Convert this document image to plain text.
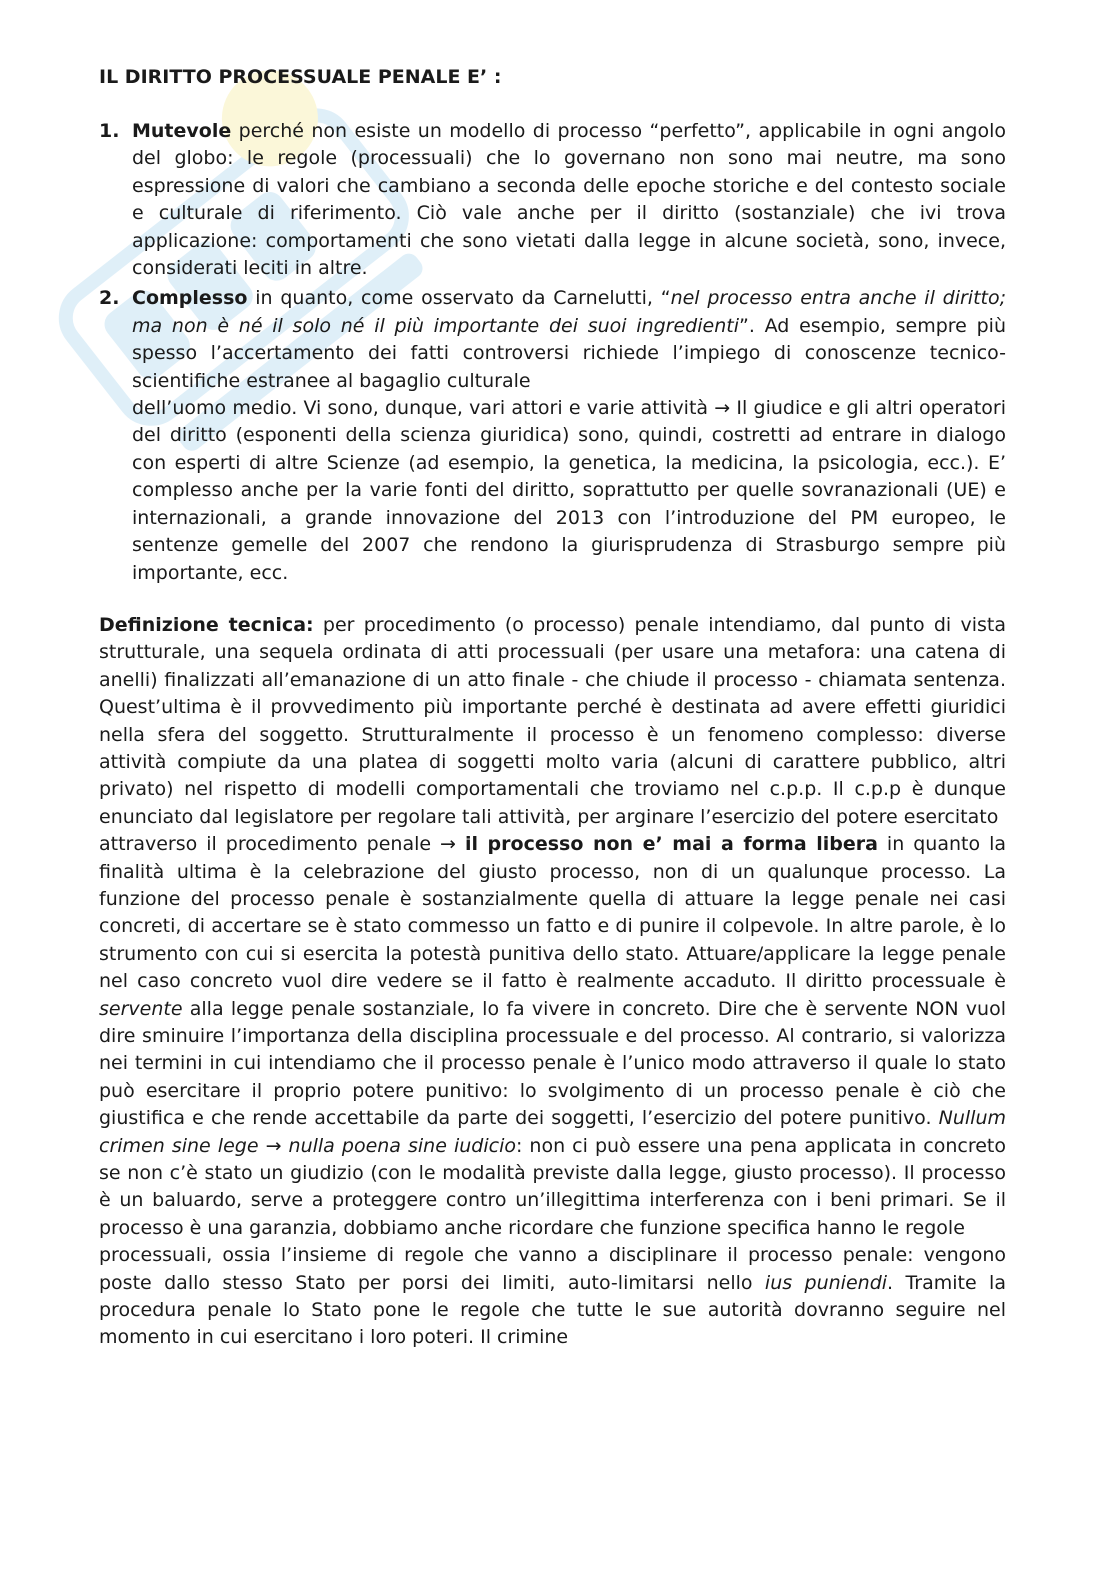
IL DIRITTO PROCESSUALE PENALE E’ :
1. Mutevole perché non esiste un modello di processo “perfetto”, applicabile in ogni angolo del globo: le regole (processuali) che lo governano non sono mai neutre, ma sono espressione di valori che cambiano a seconda delle epoche storiche e del contesto sociale e culturale di riferimento. Ciò vale anche per il diritto (sostanziale) che ivi trova applicazione: comportamenti che sono vietati dalla legge in alcune società, sono, invece, considerati leciti in altre.
2. Complesso in quanto, come osservato da Carnelutti, “nel processo entra anche il diritto; ma non è né il solo né il più importante dei suoi ingredienti”. Ad esempio, sempre più spesso l’accertamento dei fatti controversi richiede l’impiego di conoscenze tecnico-scientifiche estranee al bagaglio culturale
dell’uomo medio. Vi sono, dunque, vari attori e varie attività → Il giudice e gli altri operatori del diritto (esponenti della scienza giuridica) sono, quindi, costretti ad entrare in dialogo con esperti di altre Scienze (ad esempio, la genetica, la medicina, la psicologia, ecc.). E’ complesso anche per la varie fonti del diritto, soprattutto per quelle sovranazionali (UE) e internazionali, a grande innovazione del 2013 con l’introduzione del PM europeo, le sentenze gemelle del 2007 che rendono la giurisprudenza di Strasburgo sempre più importante, ecc.
Definizione tecnica: per procedimento (o processo) penale intendiamo, dal punto di vista strutturale, una sequela ordinata di atti processuali (per usare una metafora: una catena di anelli) finalizzati all’emanazione di un atto finale - che chiude il processo - chiamata sentenza. Quest’ultima è il provvedimento più importante perché è destinata ad avere effetti giuridici nella sfera del soggetto. Strutturalmente il processo è un fenomeno complesso: diverse attività compiute da una platea di soggetti molto varia (alcuni di carattere pubblico, altri privato) nel rispetto di modelli comportamentali che troviamo nel c.p.p. Il c.p.p è dunque enunciato dal legislatore per regolare tali attività, per arginare l’esercizio del potere esercitato
attraverso il procedimento penale → il processo non e’ mai a forma libera in quanto la finalità ultima è la celebrazione del giusto processo, non di un qualunque processo. La funzione del processo penale è sostanzialmente quella di attuare la legge penale nei casi concreti, di accertare se è stato commesso un fatto e di punire il colpevole. In altre parole, è lo strumento con cui si esercita la potestà punitiva dello stato. Attuare/applicare la legge penale nel caso concreto vuol dire vedere se il fatto è realmente accaduto. Il diritto processuale è servente alla legge penale sostanziale, lo fa vivere in concreto. Dire che è servente NON vuol dire sminuire l’importanza della disciplina processuale e del processo. Al contrario, si valorizza nei termini in cui intendiamo che il processo penale è l’unico modo attraverso il quale lo stato può esercitare il proprio potere punitivo: lo svolgimento di un processo penale è ciò che giustifica e che rende accettabile da parte dei soggetti, l’esercizio del potere punitivo. Nullum crimen sine lege → nulla poena sine iudicio: non ci può essere una pena applicata in concreto se non c’è stato un giudizio (con le modalità previste dalla legge, giusto processo). Il processo è un baluardo, serve a proteggere contro un’illegittima interferenza con i beni primari. Se il processo è una garanzia, dobbiamo anche ricordare che funzione specifica hanno le regole
processuali, ossia l’insieme di regole che vanno a disciplinare il processo penale: vengono poste dallo stesso Stato per porsi dei limiti, auto-limitarsi nello ius puniendi. Tramite la procedura penale lo Stato pone le regole che tutte le sue autorità dovranno seguire nel momento in cui esercitano i loro poteri. Il crimine
